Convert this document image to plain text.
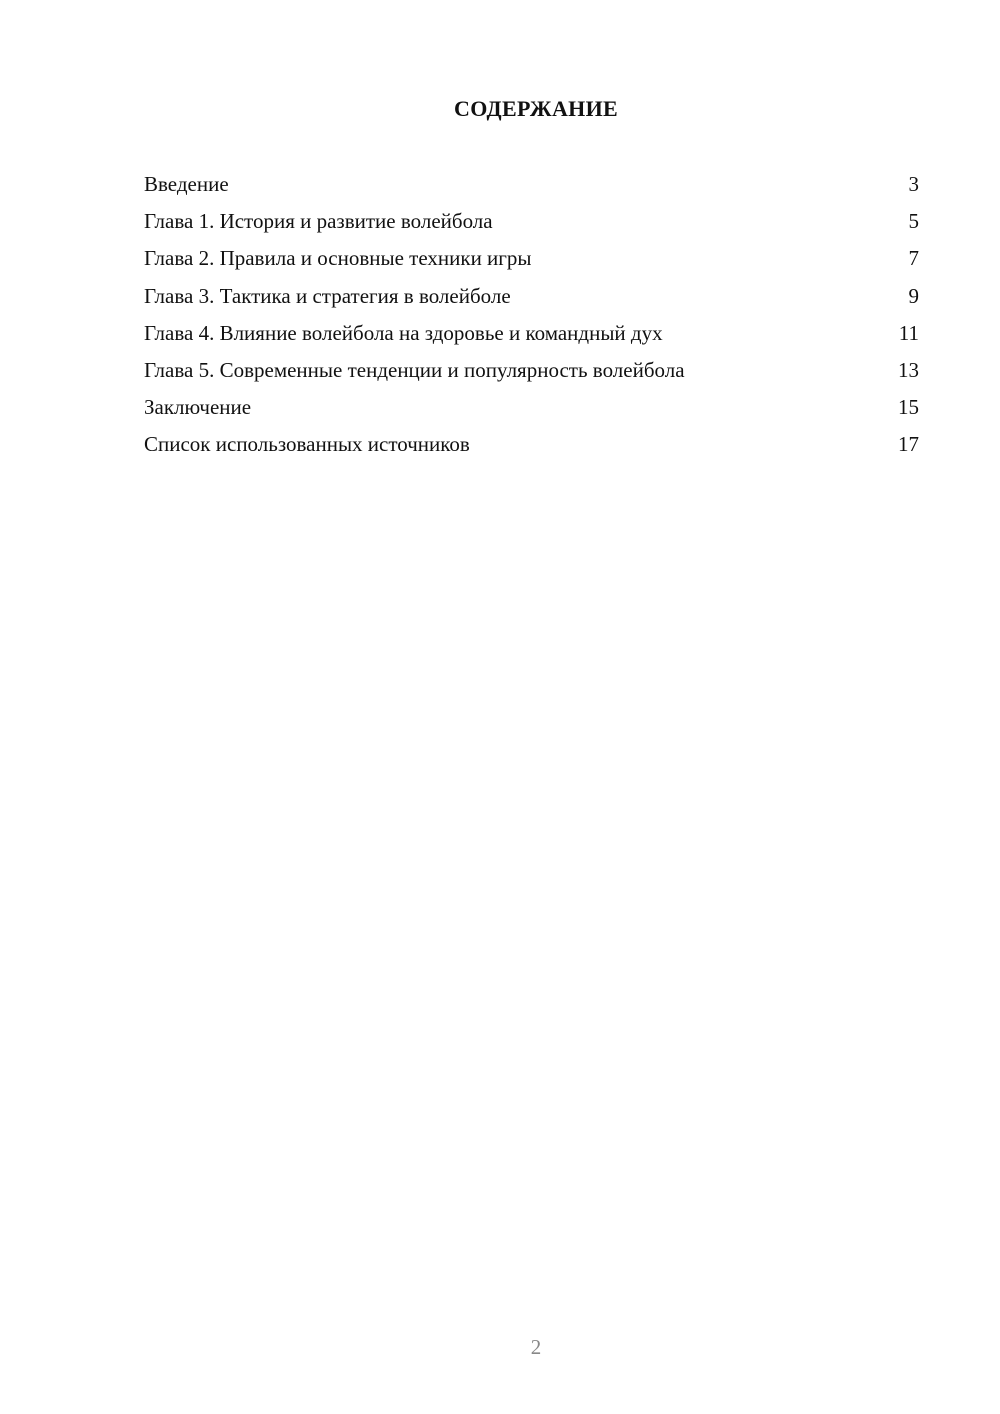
СОДЕРЖАНИЕ
Введение	3
Глава 1. История и развитие волейбола	5
Глава 2. Правила и основные техники игры	7
Глава 3. Тактика и стратегия в волейболе	9
Глава 4. Влияние волейбола на здоровье и командный дух	11
Глава 5. Современные тенденции и популярность волейбола	13
Заключение	15
Список использованных источников	17
2
